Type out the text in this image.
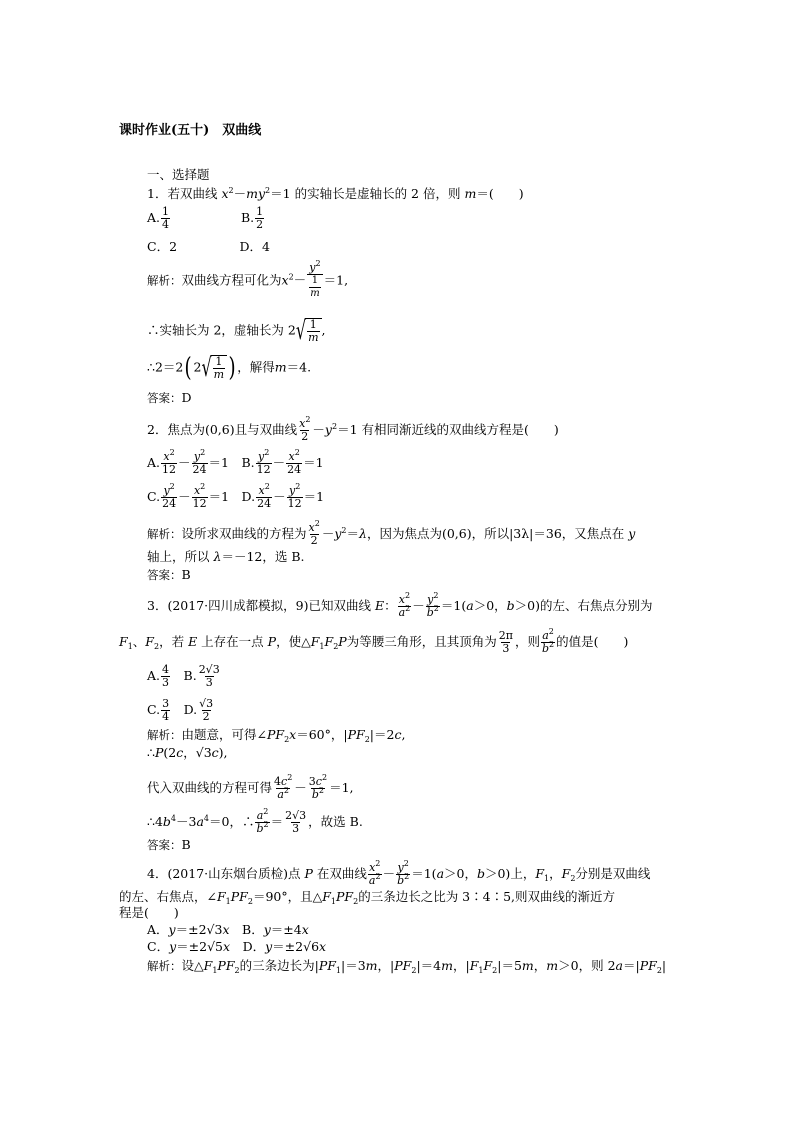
课时作业(五十)　双曲线
一、选择题
1．若双曲线 $x^2-my^2=1$ 的实轴长是虚轴长的 2 倍，则 m＝(　　)
A. $\frac{1}{4}$	B. $\frac{1}{2}$
C．2　　　　　D．4
解析：双曲线方程可化为$x^2- \frac{y^2}{\frac{1}{m}} =1$,
∴实轴长为 2，虚轴长为 2 √ $\frac{1}{m}$ ,
∴2＝2( 2 √ $\frac{1}{m}$ ) ，解得m＝4.
答案：D
2．焦点为(0,6)且与双曲线 $\frac{x^2}{2} -y^2=1$ 有相同渐近线的双曲线方程是(　　)
A. $\frac{x^2}{12} - \frac{y^2}{24} =1$　B. $\frac{y^2}{12} - \frac{x^2}{24} =1$
C. $\frac{y^2}{24} - \frac{x^2}{12} =1$　D. $\frac{x^2}{24} - \frac{y^2}{12} =1$
解析：设所求双曲线的方程为 $\frac{x^2}{2} -y^2=\lambda$，因为焦点为(0,6)，所以|3λ|＝36，又焦点在 y
轴上，所以 λ＝－12，选 B.
答案：B
3．(2017·四川成都模拟，9)已知双曲线 E： $\frac{x^2}{a^2} - \frac{y^2}{b^2} =1(a>0$，b＞0)的左、右焦点分别为
$F_1$、$F_2$，若 E 上存在一点 P，使$\triangle F_1F_2P$为等腰三角形，且其顶角为 $\frac{2\pi}{3}$ ，则 $\frac{a^2}{b^2}$ 的值是(　　)
A. $\frac{4}{3}$ 　B. $\frac{2√3}{3}$
C. $\frac{3}{4}$ 　D. $\frac{√3}{2}$
解析：由题意，可得$\angle PF_2x=60^\circ$，$|PF_2|=2c$,
∴P(2c，√3c),
代入双曲线的方程可得 $\frac{4c^2}{a^2} - \frac{3c^2}{b^2} =1$,
$\therefore 4b^4-3a^4=0$，∴ $\frac{a^2}{b^2} = \frac{2√3}{3}$ ，故选 B.
答案：B
4．(2017·山东烟台质检)点 P 在双曲线 $\frac{x^2}{a^2} - \frac{y^2}{b^2} =1(a>0$，b＞0)上，$F_1$，$F_2$分别是双曲线
的左、右焦点，$\angle F_1PF_2=90^\circ$，且$\triangle F_1PF_2$的三条边长之比为 3∶4∶5,则双曲线的渐近方
程是(　　)
A．y＝±2√3x　 B．y＝±4x
C．y＝±2√5x　 D．y＝±2√6x
解析：设$\triangle F_1PF_2$的三条边长为$|PF_1|=3m$，$|PF_2|=4m$，$|F_1F_2|=5m$，m＞0，则 $2a=|PF_2|$
